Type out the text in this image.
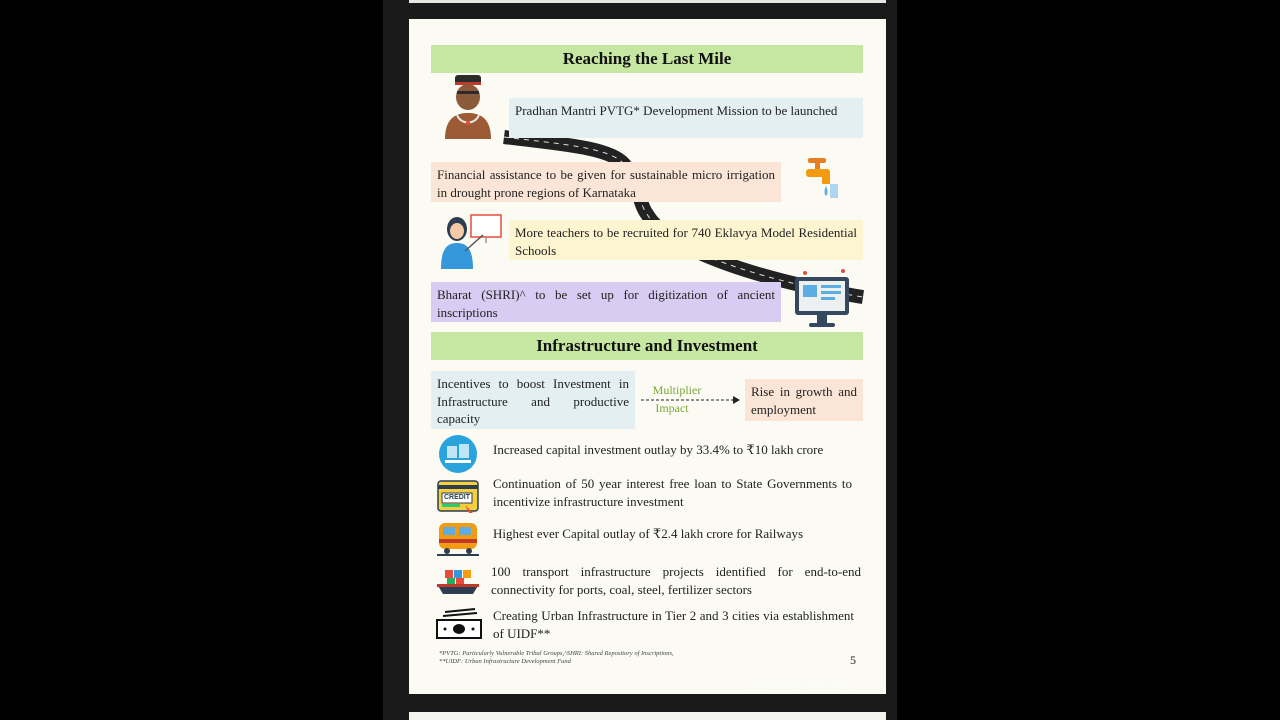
Reaching the Last Mile
Pradhan Mantri PVTG* Development Mission to be launched
Financial assistance to be given for sustainable micro irrigation in drought prone regions of Karnataka
More teachers to be recruited for 740 Eklavya Model Residential Schools
Bharat (SHRI)^ to be set up for digitization of ancient inscriptions
Infrastructure and Investment
Incentives to boost Investment in Infrastructure and productive capacity
Multiplier
Impact
Rise in growth and employment
Increased capital investment outlay by 33.4% to ₹10 lakh crore
CREDIT
Continuation of 50 year interest free loan to State Governments to incentivize infrastructure investment
Highest ever Capital outlay of ₹2.4 lakh crore for Railways
100 transport infrastructure projects identified for end-to-end connectivity for ports, coal, steel, fertilizer sectors
Creating Urban Infrastructure in Tier 2 and 3 cities via establishment of UIDF**
*PVTG: Particularly Vulnerable Tribal Groups,^SHRI: Shared Repository of Inscriptions,
**UIDF: Urban Infrastructure Development Fund	5
XRecorder
